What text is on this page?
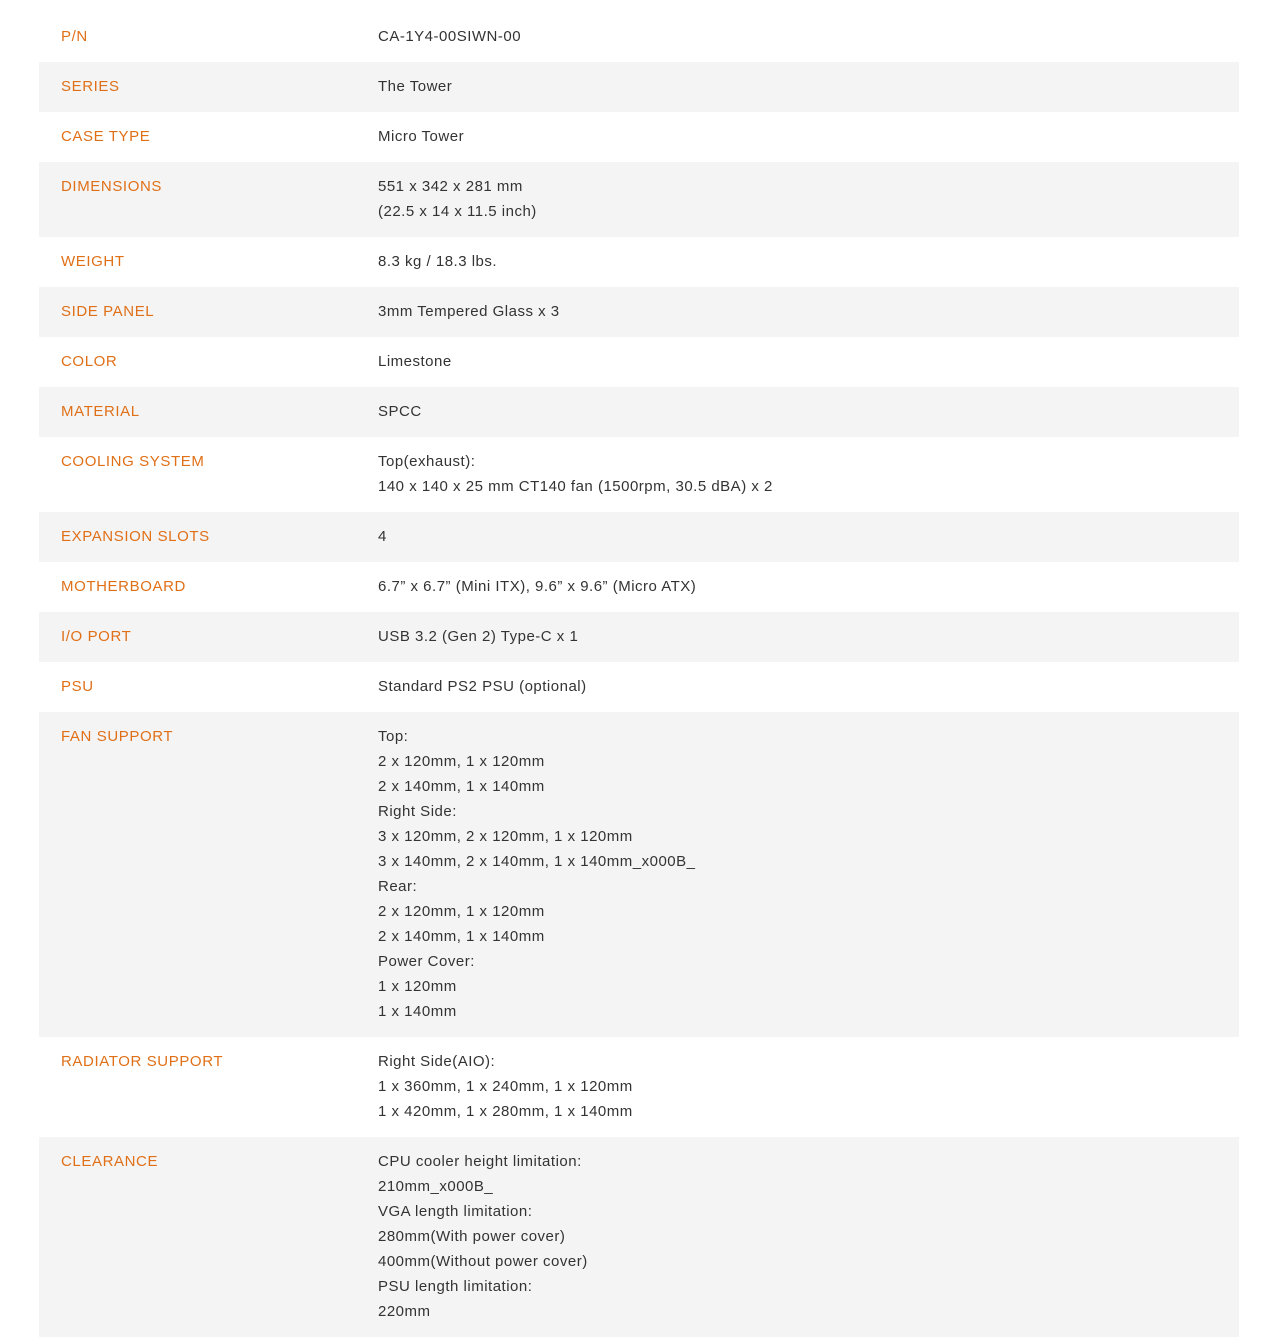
P/N	CA-1Y4-00SIWN-00
SERIES	The Tower
CASE TYPE	Micro Tower
DIMENSIONS	551 x 342 x 281 mm
(22.5 x 14 x 11.5 inch)
WEIGHT	8.3 kg / 18.3 lbs.
SIDE PANEL	3mm Tempered Glass x 3
COLOR	Limestone
MATERIAL	SPCC
COOLING SYSTEM	Top(exhaust):
140 x 140 x 25 mm CT140 fan (1500rpm, 30.5 dBA) x 2
EXPANSION SLOTS	4
MOTHERBOARD	6.7” x 6.7” (Mini ITX), 9.6” x 9.6” (Micro ATX)
I/O PORT	USB 3.2 (Gen 2) Type-C x 1
PSU	Standard PS2 PSU (optional)
FAN SUPPORT	Top:
2 x 120mm, 1 x 120mm
2 x 140mm, 1 x 140mm
Right Side:
3 x 120mm, 2 x 120mm, 1 x 120mm
3 x 140mm, 2 x 140mm, 1 x 140mm_x000B_
Rear:
2 x 120mm, 1 x 120mm
2 x 140mm, 1 x 140mm
Power Cover:
1 x 120mm
1 x 140mm
RADIATOR SUPPORT	Right Side(AIO):
1 x 360mm, 1 x 240mm, 1 x 120mm
1 x 420mm, 1 x 280mm, 1 x 140mm
CLEARANCE	CPU cooler height limitation:
210mm_x000B_
VGA length limitation:
280mm(With power cover)
400mm(Without power cover)
PSU length limitation:
220mm
